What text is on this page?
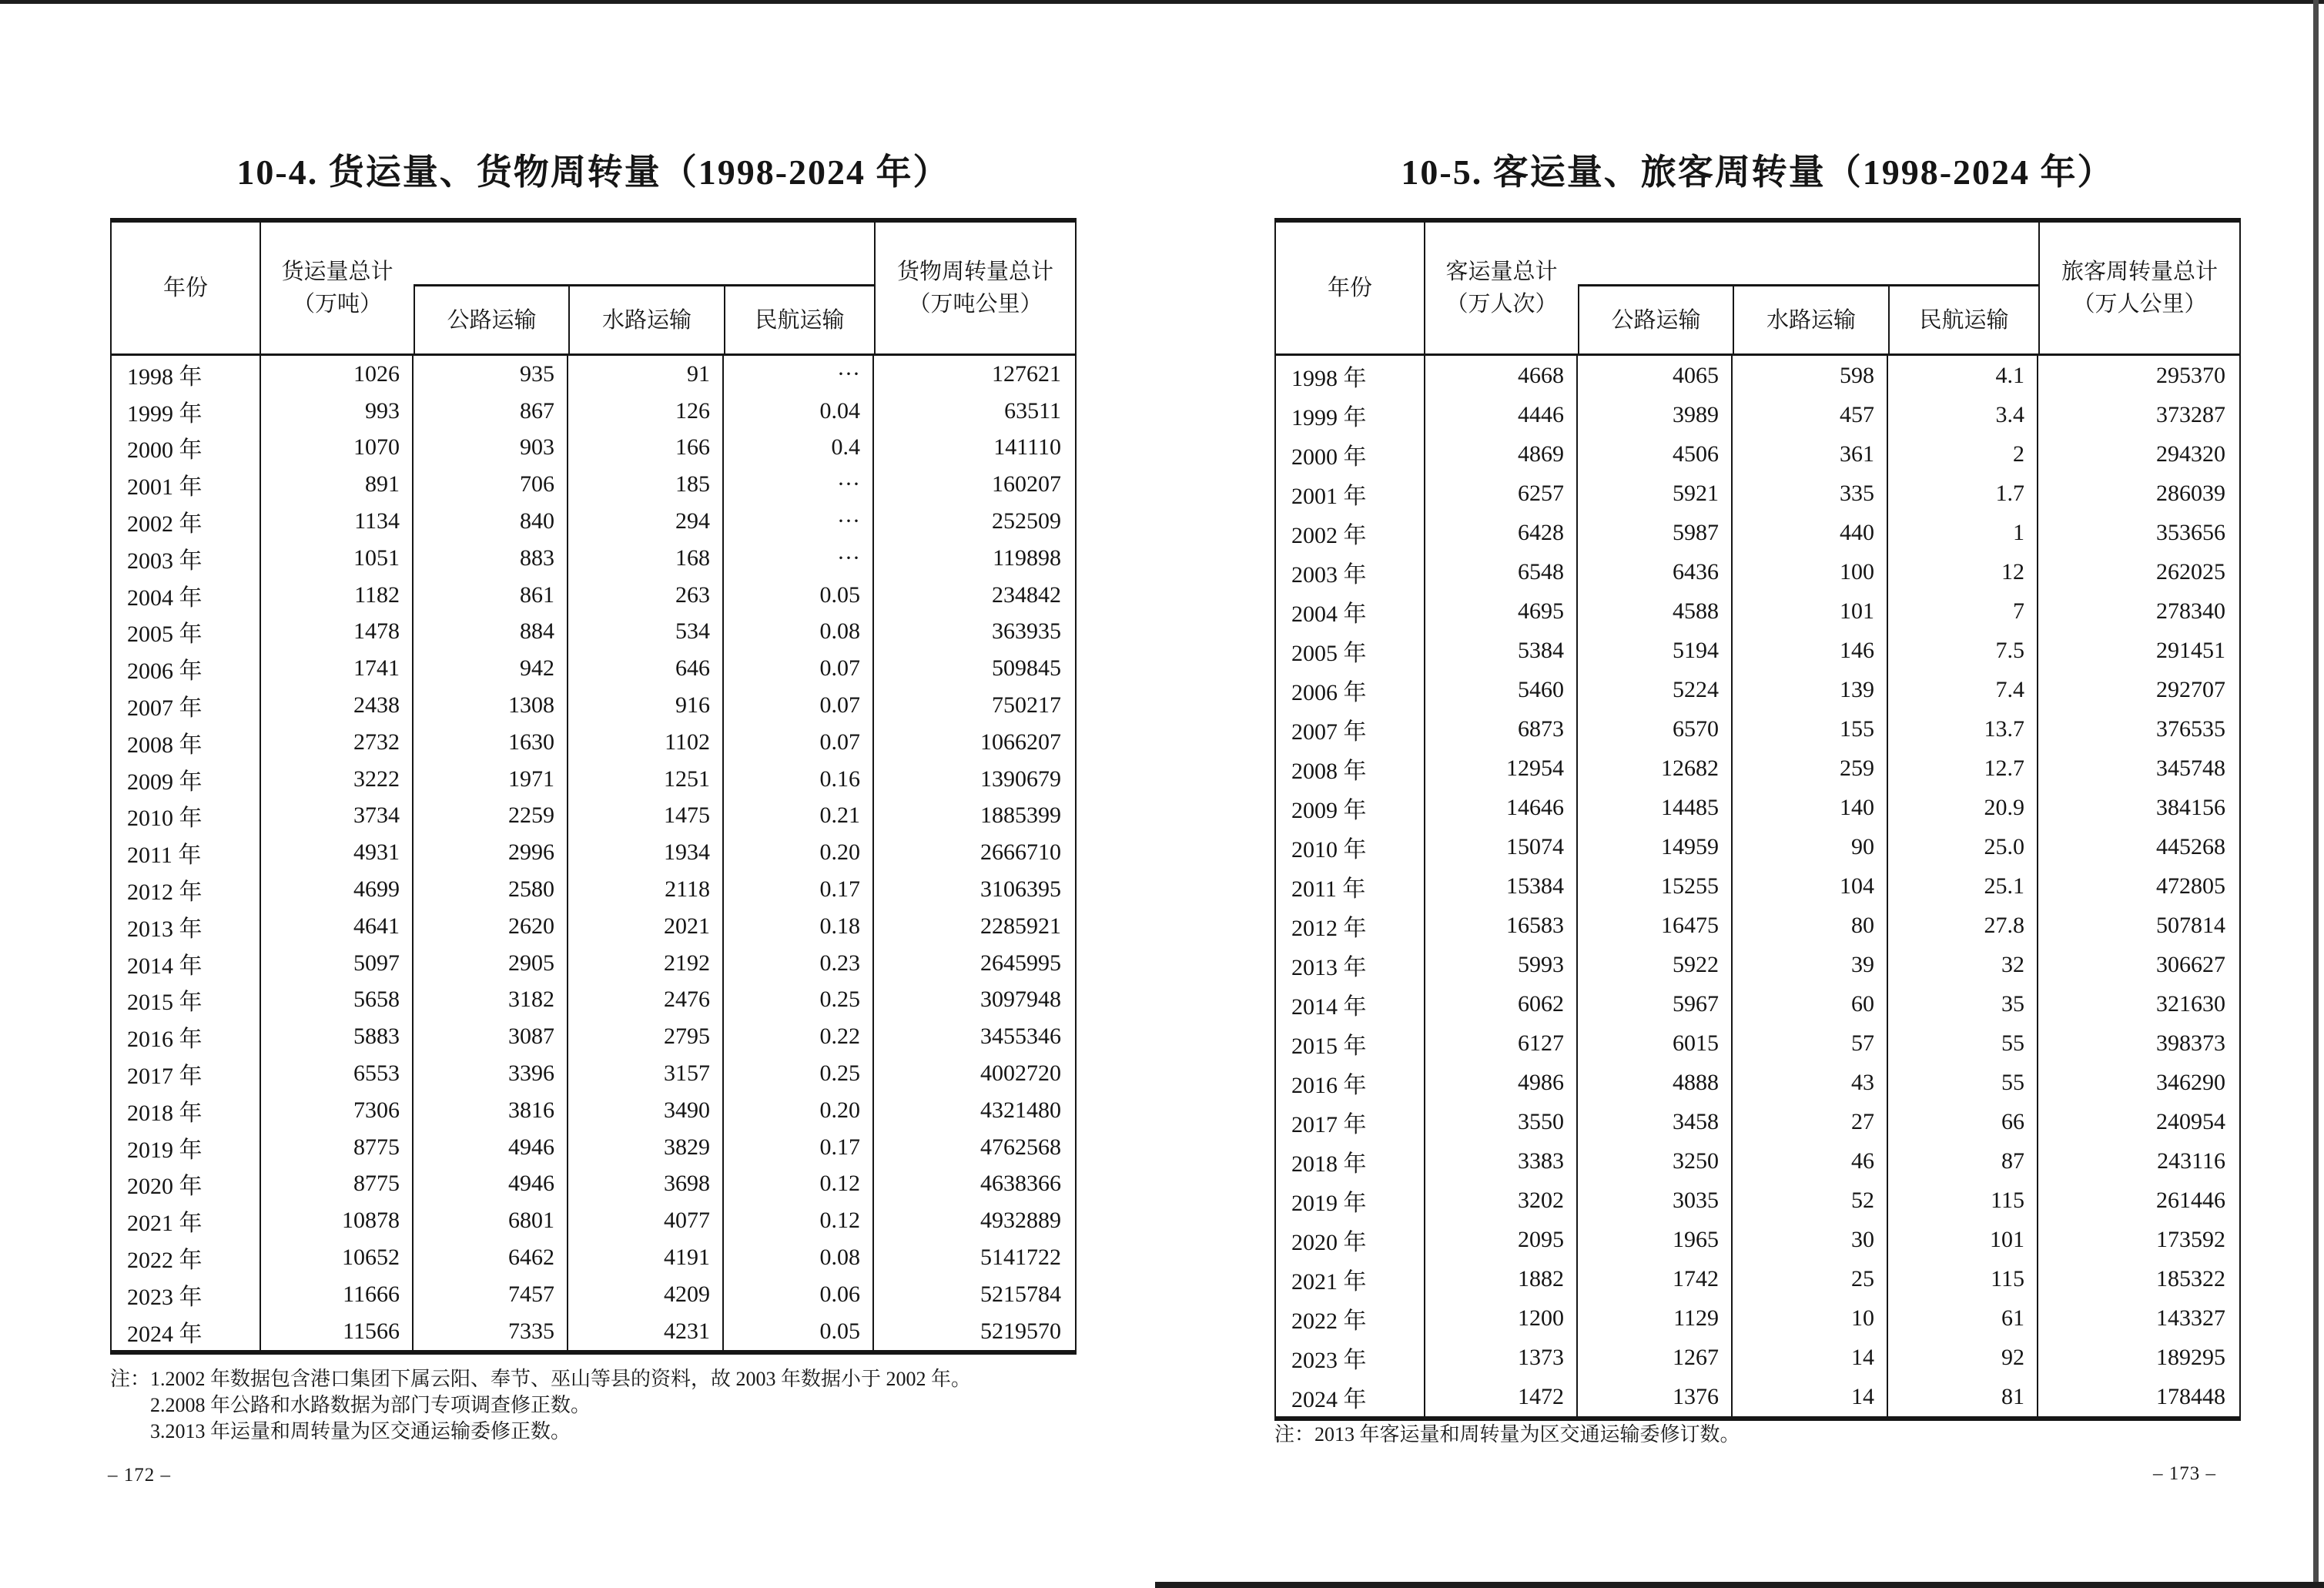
10-4. 货运量、货物周转量（1998-2024 年）
年份
货运量总计
（万吨）
公路运输	水路运输	民航运输
货物周转量总计
（万吨公里）
1998 年	1026	935	91	···	127621
1999 年	993	867	126	0.04	63511
2000 年	1070	903	166	0.4	141110
2001 年	891	706	185	···	160207
2002 年	1134	840	294	···	252509
2003 年	1051	883	168	···	119898
2004 年	1182	861	263	0.05	234842
2005 年	1478	884	534	0.08	363935
2006 年	1741	942	646	0.07	509845
2007 年	2438	1308	916	0.07	750217
2008 年	2732	1630	1102	0.07	1066207
2009 年	3222	1971	1251	0.16	1390679
2010 年	3734	2259	1475	0.21	1885399
2011 年	4931	2996	1934	0.20	2666710
2012 年	4699	2580	2118	0.17	3106395
2013 年	4641	2620	2021	0.18	2285921
2014 年	5097	2905	2192	0.23	2645995
2015 年	5658	3182	2476	0.25	3097948
2016 年	5883	3087	2795	0.22	3455346
2017 年	6553	3396	3157	0.25	4002720
2018 年	7306	3816	3490	0.20	4321480
2019 年	8775	4946	3829	0.17	4762568
2020 年	8775	4946	3698	0.12	4638366
2021 年	10878	6801	4077	0.12	4932889
2022 年	10652	6462	4191	0.08	5141722
2023 年	11666	7457	4209	0.06	5215784
2024 年	11566	7335	4231	0.05	5219570
注： 1.2002 年数据包含港口集团下属云阳、奉节、巫山等县的资料，故 2003 年数据小于 2002 年。
2.2008 年公路和水路数据为部门专项调查修正数。
3.2013 年运量和周转量为区交通运输委修正数。
– 172 –
10-5. 客运量、旅客周转量（1998-2024 年）
年份
客运量总计
（万人次）
公路运输	水路运输	民航运输
旅客周转量总计
（万人公里）
1998 年	4668	4065	598	4.1	295370
1999 年	4446	3989	457	3.4	373287
2000 年	4869	4506	361	2	294320
2001 年	6257	5921	335	1.7	286039
2002 年	6428	5987	440	1	353656
2003 年	6548	6436	100	12	262025
2004 年	4695	4588	101	7	278340
2005 年	5384	5194	146	7.5	291451
2006 年	5460	5224	139	7.4	292707
2007 年	6873	6570	155	13.7	376535
2008 年	12954	12682	259	12.7	345748
2009 年	14646	14485	140	20.9	384156
2010 年	15074	14959	90	25.0	445268
2011 年	15384	15255	104	25.1	472805
2012 年	16583	16475	80	27.8	507814
2013 年	5993	5922	39	32	306627
2014 年	6062	5967	60	35	321630
2015 年	6127	6015	57	55	398373
2016 年	4986	4888	43	55	346290
2017 年	3550	3458	27	66	240954
2018 年	3383	3250	46	87	243116
2019 年	3202	3035	52	115	261446
2020 年	2095	1965	30	101	173592
2021 年	1882	1742	25	115	185322
2022 年	1200	1129	10	61	143327
2023 年	1373	1267	14	92	189295
2024 年	1472	1376	14	81	178448
注： 2013 年客运量和周转量为区交通运输委修订数。
– 173 –
